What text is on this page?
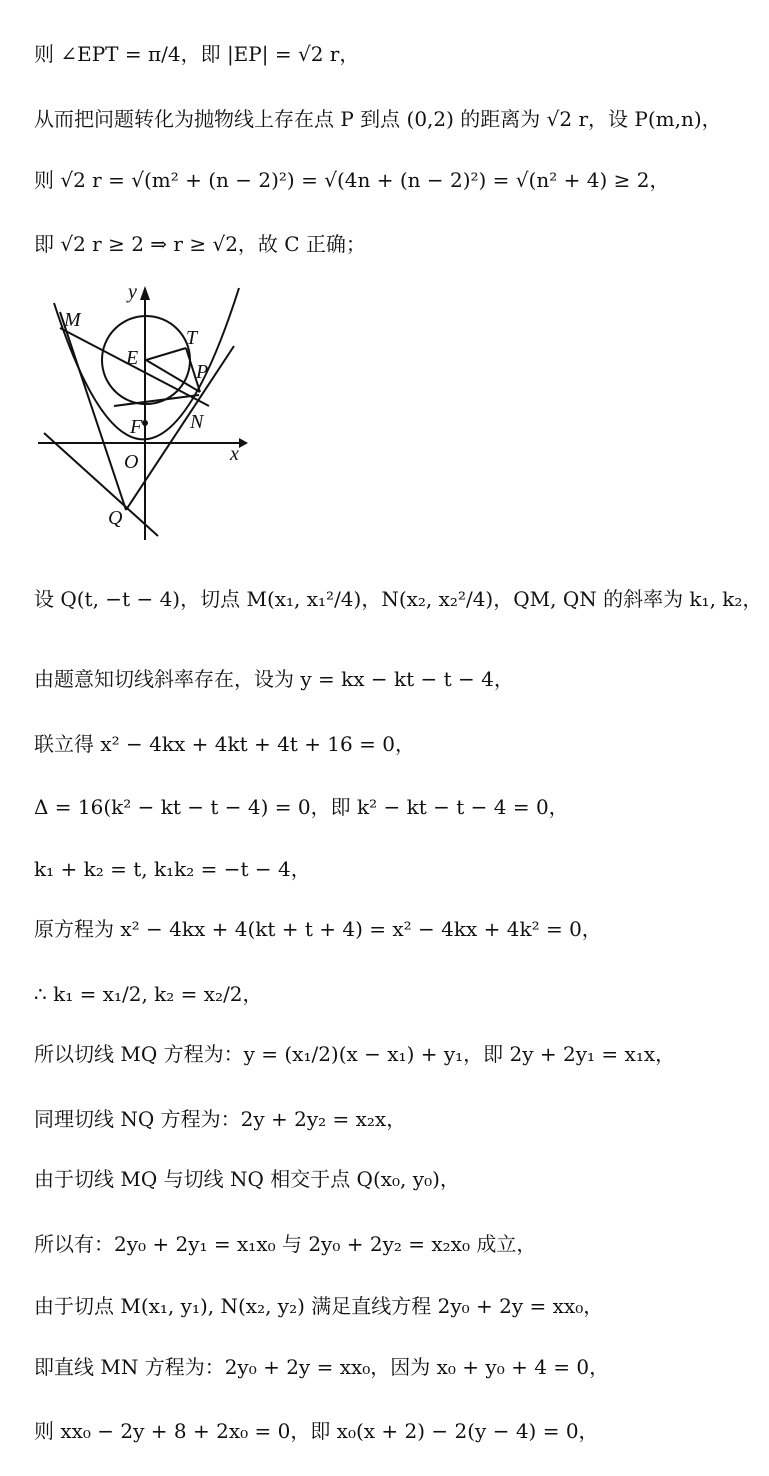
则 ∠EPT = π/4，即 |EP| = √2 r，
从而把问题转化为抛物线上存在点 P 到点 (0,2) 的距离为 √2 r，设 P(m,n)，
则 √2 r = √(m² + (n − 2)²) = √(4n + (n − 2)²) = √(n² + 4) ≥ 2，
即 √2 r ≥ 2 ⇒ r ≥ √2，故 C 正确；
y
x
M
T
E
P
F N
O
Q
设 Q(t, −t − 4)，切点 M(x₁, x₁²/4)，N(x₂, x₂²/4)，QM, QN 的斜率为 k₁, k₂，
由题意知切线斜率存在，设为 y = kx − kt − t − 4，
联立得 x² − 4kx + 4kt + 4t + 16 = 0，
Δ = 16(k² − kt − t − 4) = 0，即 k² − kt − t − 4 = 0，
k₁ + k₂ = t, k₁k₂ = −t − 4，
原方程为 x² − 4kx + 4(kt + t + 4) = x² − 4kx + 4k² = 0，
∴ k₁ = x₁/2, k₂ = x₂/2，
所以切线 MQ 方程为：y = (x₁/2)(x − x₁) + y₁，即 2y + 2y₁ = x₁x，
同理切线 NQ 方程为：2y + 2y₂ = x₂x，
由于切线 MQ 与切线 NQ 相交于点 Q(x₀, y₀)，
所以有：2y₀ + 2y₁ = x₁x₀ 与 2y₀ + 2y₂ = x₂x₀ 成立，
由于切点 M(x₁, y₁), N(x₂, y₂) 满足直线方程 2y₀ + 2y = xx₀，
即直线 MN 方程为：2y₀ + 2y = xx₀，因为 x₀ + y₀ + 4 = 0，
则 xx₀ − 2y + 8 + 2x₀ = 0，即 x₀(x + 2) − 2(y − 4) = 0，
